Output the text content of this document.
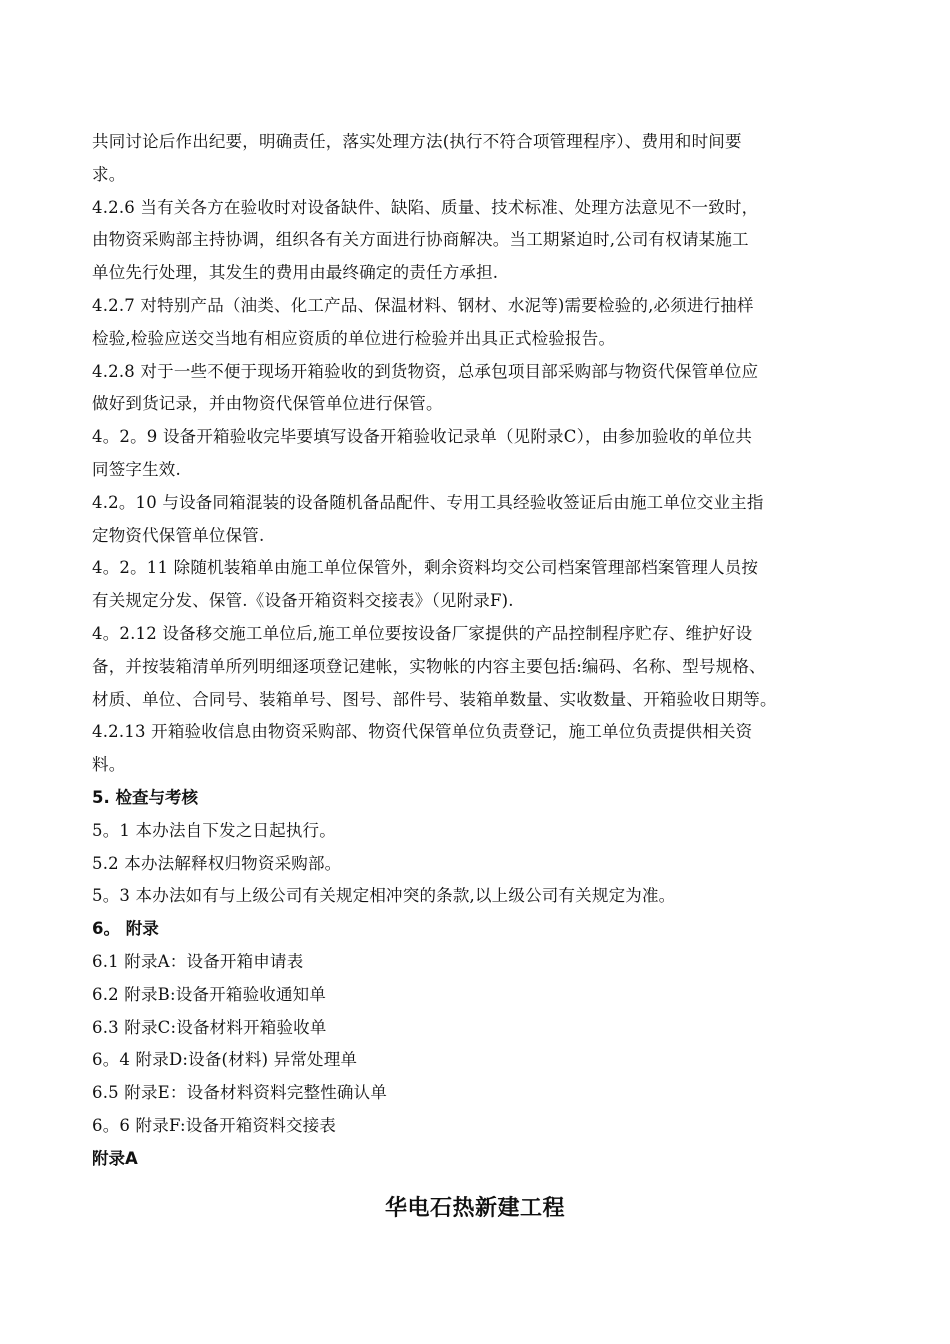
共同讨论后作出纪要，明确责任，落实处理方法(执行不符合项管理程序）、费用和时间要
求。
4.2.6 当有关各方在验收时对设备缺件、缺陷、质量、技术标准、处理方法意见不一致时，
由物资采购部主持协调，组织各有关方面进行协商解决。当工期紧迫时,公司有权请某施工
单位先行处理，其发生的费用由最终确定的责任方承担.
4.2.7 对特别产品（油类、化工产品、保温材料、钢材、水泥等)需要检验的,必须进行抽样
检验,检验应送交当地有相应资质的单位进行检验并出具正式检验报告。
4.2.8 对于一些不便于现场开箱验收的到货物资，总承包项目部采购部与物资代保管单位应
做好到货记录，并由物资代保管单位进行保管。
4。2。9 设备开箱验收完毕要填写设备开箱验收记录单（见附录C），由参加验收的单位共
同签字生效.
4.2。10 与设备同箱混装的设备随机备品配件、专用工具经验收签证后由施工单位交业主指
定物资代保管单位保管.
4。2。11 除随机装箱单由施工单位保管外，剩余资料均交公司档案管理部档案管理人员按
有关规定分发、保管.《设备开箱资料交接表》（见附录F).
4。2.12 设备移交施工单位后,施工单位要按设备厂家提供的产品控制程序贮存、维护好设
备，并按装箱清单所列明细逐项登记建帐，实物帐的内容主要包括:编码、名称、型号规格、
材质、单位、合同号、装箱单号、图号、部件号、装箱单数量、实收数量、开箱验收日期等。
4.2.13 开箱验收信息由物资采购部、物资代保管单位负责登记，施工单位负责提供相关资
料。
5. 检查与考核
5。1 本办法自下发之日起执行。
5.2 本办法解释权归物资采购部。
5。3 本办法如有与上级公司有关规定相冲突的条款,以上级公司有关规定为准。
6。 附录
6.1 附录A：设备开箱申请表
6.2 附录B:设备开箱验收通知单
6.3 附录C:设备材料开箱验收单
6。4 附录D:设备(材料) 异常处理单
6.5 附录E：设备材料资料完整性确认单
6。6 附录F:设备开箱资料交接表
附录A
华电石热新建工程
